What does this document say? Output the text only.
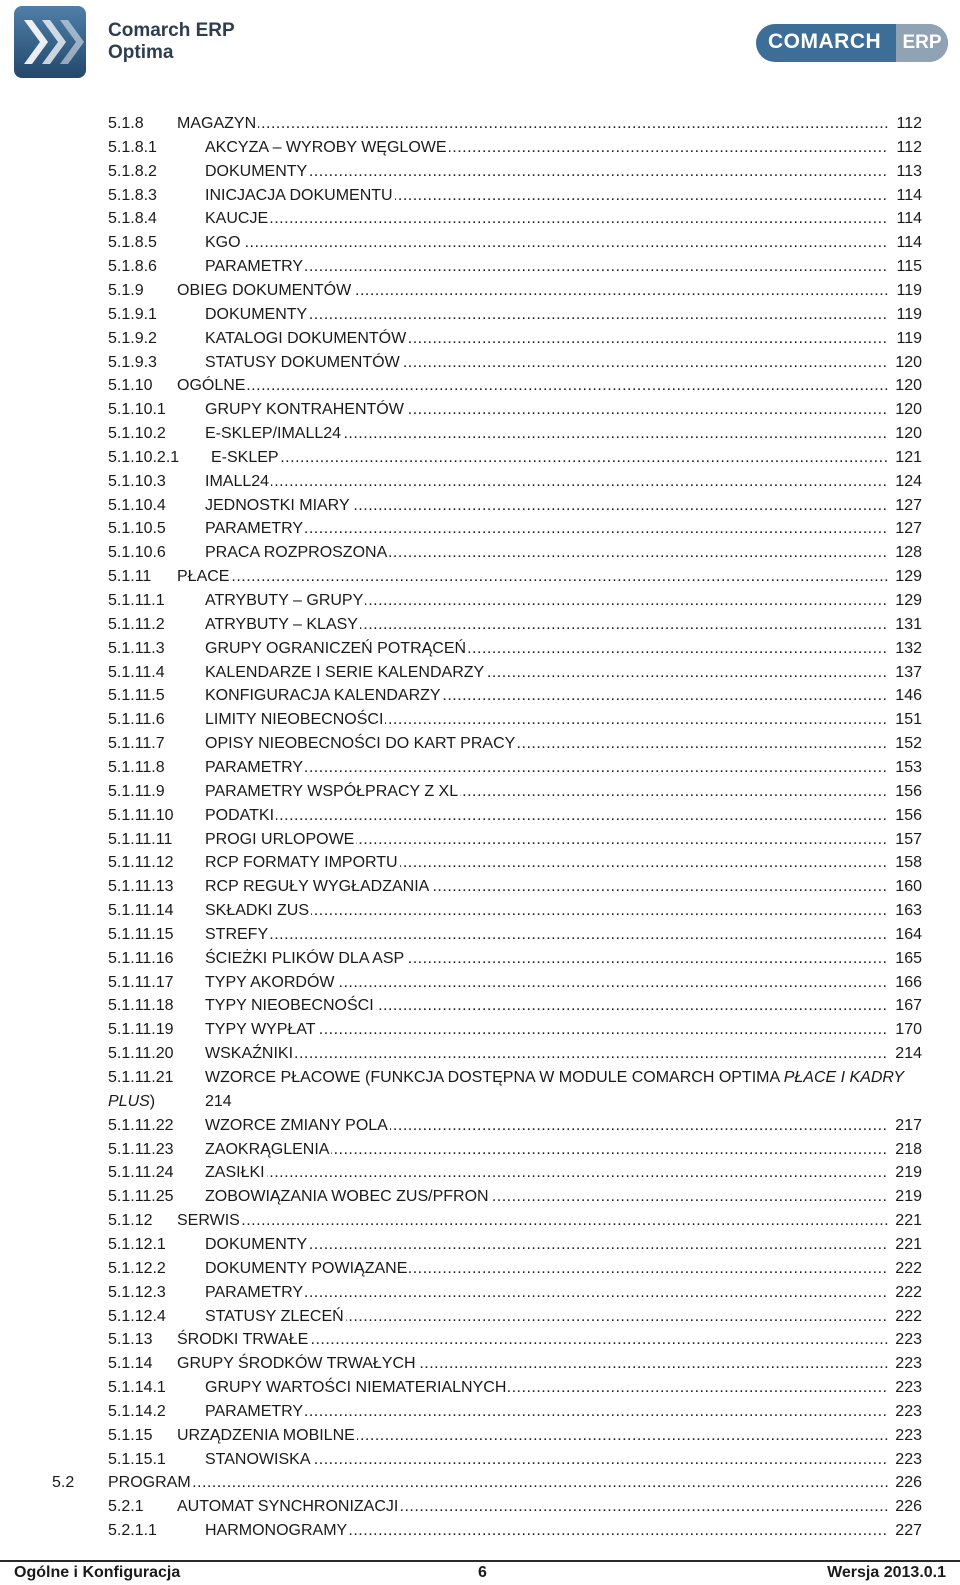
Comarch ERP
Optima	COMARCH	ERP
5.1.8 ..... MAGAZYN	112
5.1.8.1 .....	AKCYZA – WYROBY WĘGLOWE	112
5.1.8.2 .....	DOKUMENTY	113
5.1.8.3 .....	INICJACJA DOKUMENTU	114
5.1.8.4 .....	KAUCJE	114
5.1.8.5 .....	KGO	114
5.1.8.6 .....	PARAMETRY	115
5.1.9 ..... OBIEG DOKUMENTÓW	119
5.1.9.1 .....	DOKUMENTY	119
5.1.9.2 .....	KATALOGI DOKUMENTÓW	119
5.1.9.3 .....	STATUSY DOKUMENTÓW	120
5.1.10 ..... OGÓLNE	120
5.1.10.1 ..... GRUPY KONTRAHENTÓW	120
5.1.10.2 ..... E-SKLEP/IMALL24	120
5.1.10.2.1 ..... E-SKLEP	121
5.1.10.3 ..... IMALL24	124
5.1.10.4 ..... JEDNOSTKI MIARY	127
5.1.10.5 ..... PARAMETRY	127
5.1.10.6 ..... PRACA ROZPROSZONA	128
5.1.11 ..... PŁACE	129
5.1.11.1 .....	ATRYBUTY – GRUPY	129
5.1.11.2 .....	ATRYBUTY – KLASY	131
5.1.11.3 .....	GRUPY OGRANICZEŃ POTRĄCEŃ	132
5.1.11.4 .....	KALENDARZE I SERIE KALENDARZY	137
5.1.11.5 .....	KONFIGURACJA KALENDARZY	146
5.1.11.6 .....	LIMITY NIEOBECNOŚCI	151
5.1.11.7 .....	OPISY NIEOBECNOŚCI DO KART PRACY	152
5.1.11.8 .....	PARAMETRY	153
5.1.11.9 .....	PARAMETRY WSPÓŁPRACY Z XL	156
5.1.11.10 ..... PODATKI	156
5.1.11.11 ..... PROGI URLOPOWE	157
5.1.11.12 ..... RCP FORMATY IMPORTU	158
5.1.11.13 ..... RCP REGUŁY WYGŁADZANIA	160
5.1.11.14 ..... SKŁADKI ZUS	163
5.1.11.15 ..... STREFY	164
5.1.11.16 ..... ŚCIEŻKI PLIKÓW DLA ASP	165
5.1.11.17 ..... TYPY AKORDÓW	166
5.1.11.18 ..... TYPY NIEOBECNOŚCI	167
5.1.11.19 ..... TYPY WYPŁAT	170
5.1.11.20 ..... WSKAŹNIKI	214
5.1.11.21 WZORCE PŁACOWE (FUNKCJA DOSTĘPNA W MODULE COMARCH OPTIMA PŁACE I KADRY
PLUS)	214
5.1.11.22 ..... WZORCE ZMIANY POLA	217
5.1.11.23 ..... ZAOKRĄGLENIA	218
5.1.11.24 ..... ZASIŁKI	219
5.1.11.25 ..... ZOBOWIĄZANIA WOBEC ZUS/PFRON	219
5.1.12 ..... SERWIS	221
5.1.12.1 ..... DOKUMENTY	221
5.1.12.2 ..... DOKUMENTY POWIĄZANE	222
5.1.12.3 ..... PARAMETRY	222
5.1.12.4 ..... STATUSY ZLECEŃ	222
5.1.13 ..... ŚRODKI TRWAŁE	223
5.1.14 ..... GRUPY ŚRODKÓW TRWAŁYCH	223
5.1.14.1 ..... GRUPY WARTOŚCI NIEMATERIALNYCH	223
5.1.14.2 ..... PARAMETRY	223
5.1.15 ..... URZĄDZENIA MOBILNE	223
5.1.15.1 ..... STANOWISKA	223
5.2 ..... PROGRAM	226
5.2.1 ..... AUTOMAT SYNCHRONIZACJI	226
5.2.1.1 .....	HARMONOGRAMY	227
Ogólne i Konfiguracja	6	Wersja 2013.0.1
